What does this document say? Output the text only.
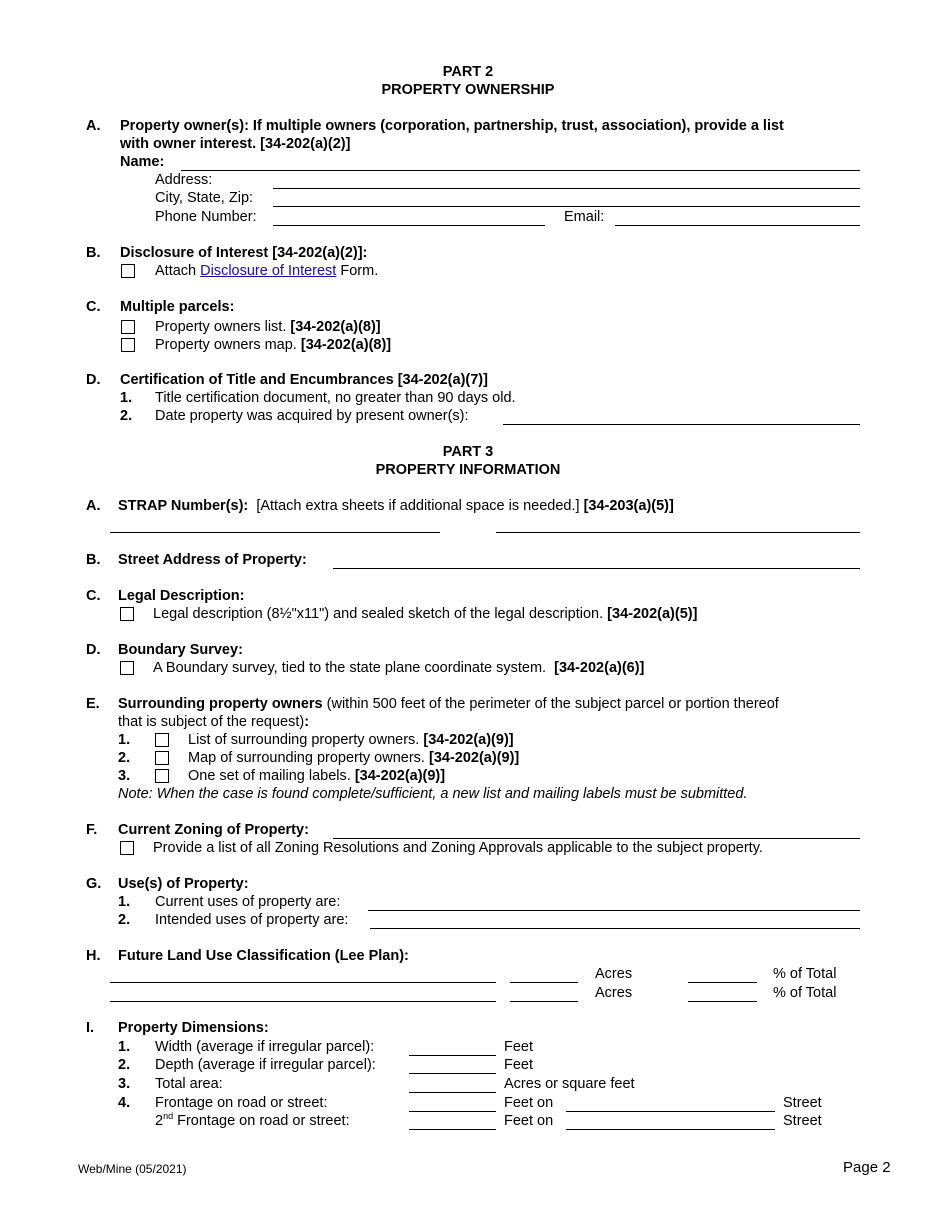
PART 2
PROPERTY OWNERSHIP
A. Property owner(s): If multiple owners (corporation, partnership, trust, association), provide a list
with owner interest. [34-202(a)(2)]
Name:
Address:
City, State, Zip:
Phone Number:	Email:
B. Disclosure of Interest [34-202(a)(2)]:
Attach Disclosure of Interest Form.
C. Multiple parcels:
Property owners list. [34-202(a)(8)]
Property owners map. [34-202(a)(8)]
D. Certification of Title and Encumbrances [34-202(a)(7)]
1. Title certification document, no greater than 90 days old.
2. Date property was acquired by present owner(s):
PART 3
PROPERTY INFORMATION
A. STRAP Number(s): [Attach extra sheets if additional space is needed.] [34-203(a)(5)]
B. Street Address of Property:
C. Legal Description:
Legal description (8½"x11") and sealed sketch of the legal description. [34-202(a)(5)]
D. Boundary Survey:
A Boundary survey, tied to the state plane coordinate system. [34-202(a)(6)]
E. Surrounding property owners (within 500 feet of the perimeter of the subject parcel or portion thereof
that is subject of the request):
1.	List of surrounding property owners. [34-202(a)(9)]
2.	Map of surrounding property owners. [34-202(a)(9)]
3.	One set of mailing labels. [34-202(a)(9)]
Note: When the case is found complete/sufficient, a new list and mailing labels must be submitted.
F. Current Zoning of Property:
Provide a list of all Zoning Resolutions and Zoning Approvals applicable to the subject property.
G. Use(s) of Property:
1. Current uses of property are:
2. Intended uses of property are:
H. Future Land Use Classification (Lee Plan):
Acres	% of Total
Acres	% of Total
I. Property Dimensions:
1. Width (average if irregular parcel):	Feet
2. Depth (average if irregular parcel):	Feet
3. Total area:	Acres or square feet
4. Frontage on road or street:	Feet on	Street
2nd Frontage on road or street:	Feet on	Street
Web/Mine (05/2021)	Page 2
